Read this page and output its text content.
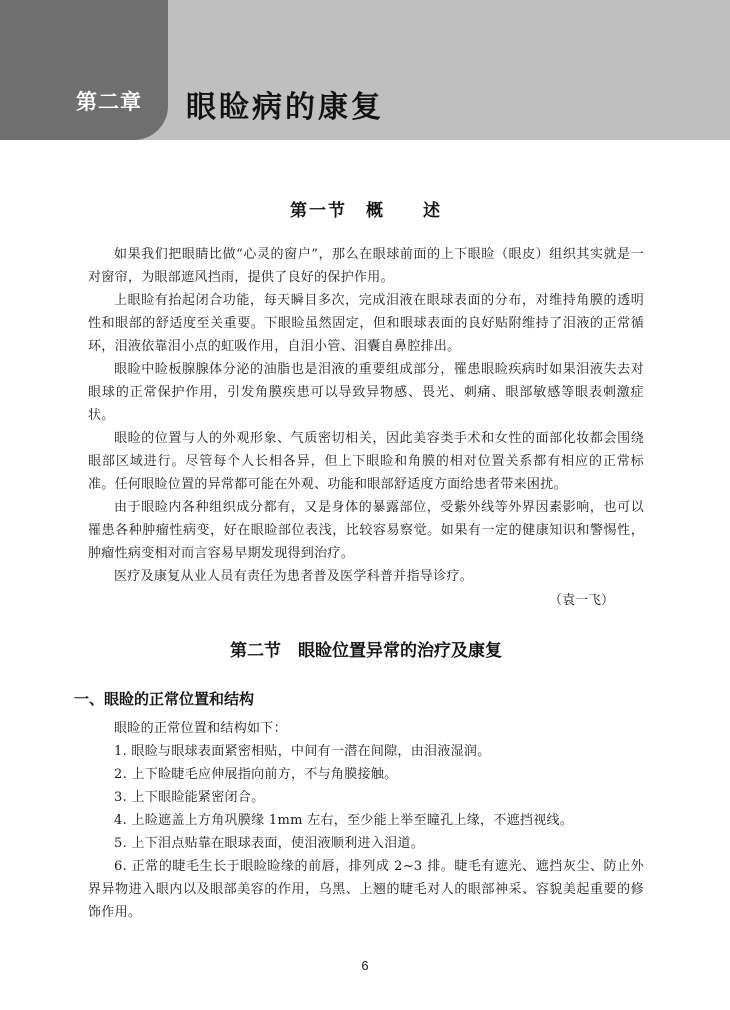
第二章 眼睑病的康复
第一节　概　　述

如果我们把眼睛比做“心灵的窗户”，那么在眼球前面的上下眼睑（眼皮）组织其实就是一对窗帘，为眼部遮风挡雨，提供了良好的保护作用。

上眼睑有抬起闭合功能，每天瞬目多次，完成泪液在眼球表面的分布，对维持角膜的透明性和眼部的舒适度至关重要。下眼睑虽然固定，但和眼球表面的良好贴附维持了泪液的正常循环，泪液依靠泪小点的虹吸作用，自泪小管、泪囊自鼻腔排出。

眼睑中睑板腺腺体分泌的油脂也是泪液的重要组成部分，罹患眼睑疾病时如果泪液失去对眼球的正常保护作用，引发角膜疾患可以导致异物感、畏光、刺痛、眼部敏感等眼表刺激症状。

眼睑的位置与人的外观形象、气质密切相关，因此美容类手术和女性的面部化妆都会围绕眼部区域进行。尽管每个人长相各异，但上下眼睑和角膜的相对位置关系都有相应的正常标准。任何眼睑位置的异常都可能在外观、功能和眼部舒适度方面给患者带来困扰。

由于眼睑内各种组织成分都有，又是身体的暴露部位，受紫外线等外界因素影响，也可以罹患各种肿瘤性病变，好在眼睑部位表浅，比较容易察觉。如果有一定的健康知识和警惕性，肿瘤性病变相对而言容易早期发现得到治疗。

医疗及康复从业人员有责任为患者普及医学科普并指导诊疗。

（袁一飞）
第二节　眼睑位置异常的治疗及康复
一、眼睑的正常位置和结构

眼睑的正常位置和结构如下：

1. 眼睑与眼球表面紧密相贴，中间有一潜在间隙，由泪液湿润。

2. 上下睑睫毛应伸展指向前方，不与角膜接触。

3. 上下眼睑能紧密闭合。

4. 上睑遮盖上方角巩膜缘 1mm 左右，至少能上举至瞳孔上缘，不遮挡视线。

5. 上下泪点贴靠在眼球表面，使泪液顺利进入泪道。

6. 正常的睫毛生长于眼睑睑缘的前唇，排列成 2~3 排。睫毛有遮光、遮挡灰尘、防止外界异物进入眼内以及眼部美容的作用，乌黑、上翘的睫毛对人的眼部神采、容貌美起重要的修饰作用。

6
